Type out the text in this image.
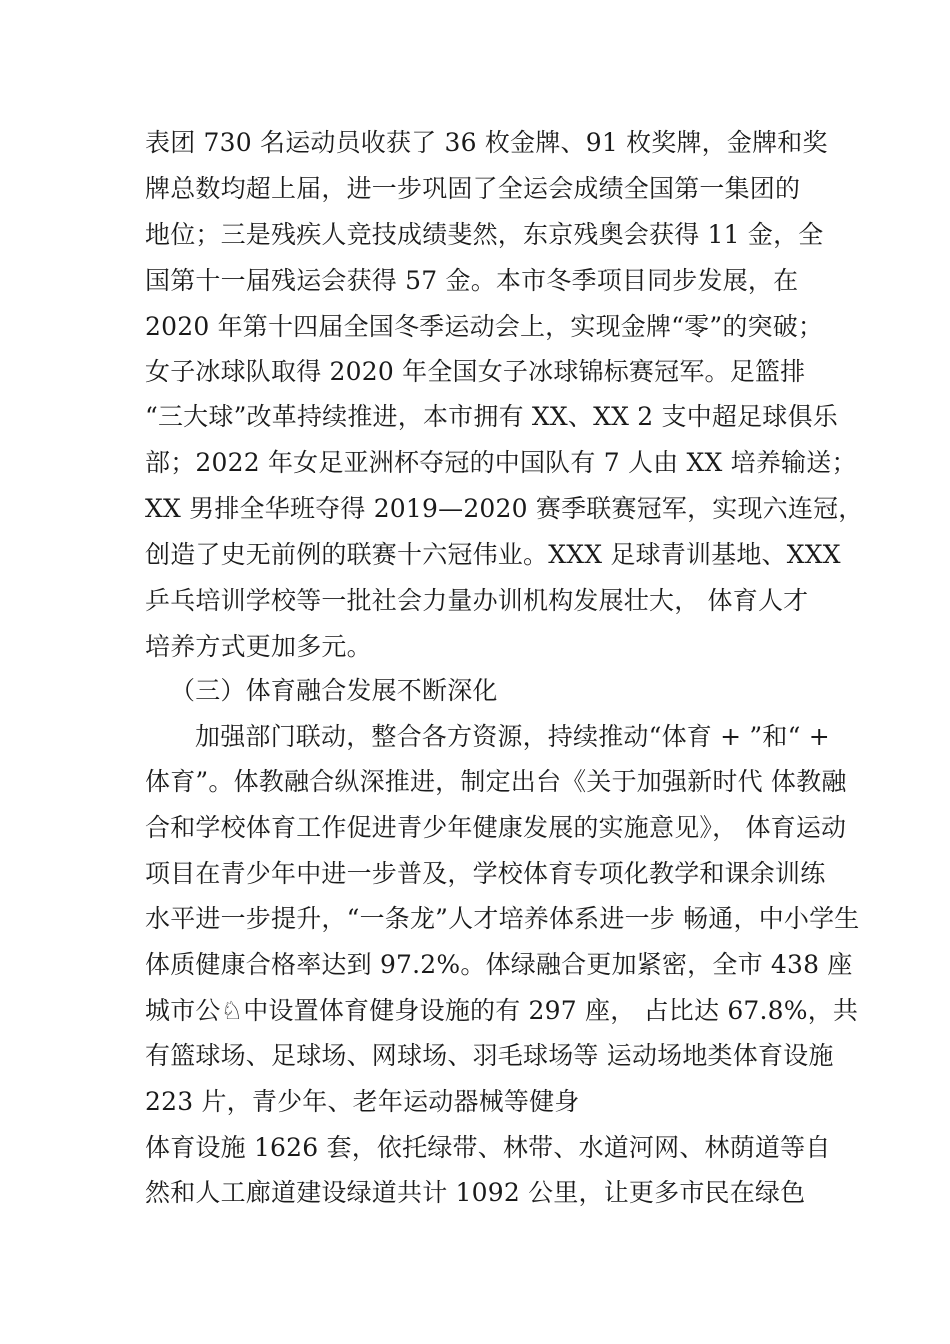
表团 730 名运动员收获了 36 枚金牌、91 枚奖牌，金牌和奖
牌总数均超上届，进一步巩固了全运会成绩全国第一集团的
地位；三是残疾人竞技成绩斐然，东京残奥会获得 11 金，全
国第十一届残运会获得 57 金。本市冬季项目同步发展，在
2020 年第十四届全国冬季运动会上，实现金牌“零”的突破；
女子冰球队取得 2020 年全国女子冰球锦标赛冠军。足篮排
“三大球”改革持续推进，本市拥有 XX、XX 2 支中超足球俱乐
部；2022 年女足亚洲杯夺冠的中国队有 7 人由 XX 培养输送；
XX 男排全华班夺得 2019—2020 赛季联赛冠军，实现六连冠，
创造了史无前例的联赛十六冠伟业。XXX 足球青训基地、XXX
乒乓培训学校等一批社会力量办训机构发展壮大， 体育人才
培养方式更加多元。
（三）体育融合发展不断深化
加强部门联动，整合各方资源，持续推动“体育 + ”和“ +
体育”。体教融合纵深推进，制定出台《关于加强新时代 体教融
合和学校体育工作促进青少年健康发展的实施意见》， 体育运动
项目在青少年中进一步普及，学校体育专项化教学和课余训练
水平进一步提升，“一条龙”人才培养体系进一步 畅通，中小学生
体质健康合格率达到 97.2%。体绿融合更加紧密，全市 438 座
城市公♘中设置体育健身设施的有 297 座， 占比达 67.8%，共
有篮球场、足球场、网球场、羽毛球场等 运动场地类体育设施
223 片，青少年、老年运动器械等健身
体育设施 1626 套，依托绿带、林带、水道河网、林荫道等自
然和人工廊道建设绿道共计 1092 公里，让更多市民在绿色
